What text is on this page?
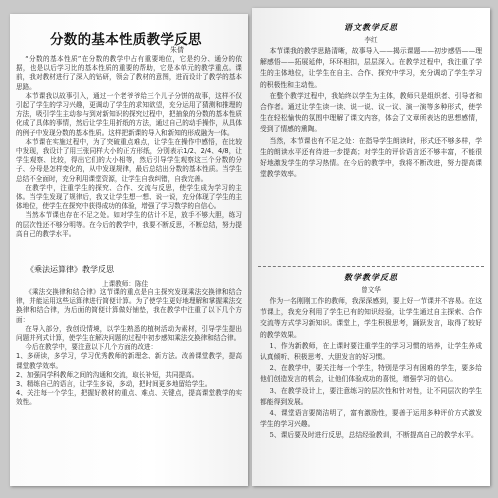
分数的基本性质教学反思
朱倩

“分数的基本性质”在分数的教学中占有重要地位，它是约分、通分的依据，也是以后学习比的基本性质的重要的帮助，它是本单元的教学重点。课前，我对教材进行了深入的钻研，领会了教材的意图，进而设计了教学的基本思路。

本节课我以故事引入，通过一个老爷爷给三个儿子分饼的故事，这样不仅引起了学生的学习兴趣，更调动了学生的求知欲望，充分运用了猜测和推理的方法，吸引学生主动参与到对新知识的探究过程中，把抽象的分数的基本性质化成了具体的事情，然后让学生用折纸的方法，通过自己的动手操作，从具体的例子中发现分数的基本性质。这样把新课的导入和新知的形成融为一体。

本节课在实施过程中，为了突破重点难点，让学生在操作中感悟，在比较中发现，我设计了用三张同样大小的正方形纸，分别表示1/2、2/4、4/8，让学生观察、比较，得出它们的大小相等，然后引导学生观察这三个分数的分子、分母是怎样变化的，从中发现规律，最后总结出分数的基本性质。当学生总结不全面时，充分利用课堂资源，让学生自我纠错，自我完善。

在教学中，注重学生的探究、合作、交流与反思，使学生成为学习的主体。当学生发现了规律后，我又让学生想一想、说一说，充分体现了学生的主体地位，使学生在探究中获得成功的体验，增强了学习数学的自信心。

当然本节课也存在不足之处。如对学生的估计不足，放手不够大胆，练习的层次性还不够分明等。在今后的教学中，我要不断反思，不断总结，努力提高自己的教学水平。

《乘法运算律》教学反思
上课教师：陈佳

《乘法交换律和结合律》这节课的重点是自主探究发现乘法交换律和结合律，并能运用这些运算律进行简便计算。为了使学生更好地理解和掌握乘法交换律和结合律，为后面的简便计算做好铺垫，我在教学中注重了以下几个方面：

在导入部分，我创设情境，以学生熟悉的植树活动为素材，引导学生提出问题并列式计算，使学生在解决问题的过程中初步感知乘法交换律和结合律。

今后在教学中，要注意以下几个方面的改进：

1、多研读，多学习，学习优秀教师的新理念、新方法。改善课堂教学，提高课堂教学效率。

2、加强同学科教师之间的沟通和交流，取长补短，共同提高。

3、精练自己的语言，让学生多说，多动，把时间更多地留给学生。

4、关注每一个学生，把握好教材的重点、难点、关键点，提高课堂教学的实效性。

语文教学反思
李红

本节课我的教学思路清晰，故事导入——揭示课题——初步感悟——理解感悟——拓展延伸，环环相扣，层层深入。在教学过程中，我注重了学生的主体地位，让学生在自主、合作、探究中学习，充分调动了学生学习的积极性和主动性。

在整个教学过程中，我始终以学生为主体，教师只是组织者、引导者和合作者。通过让学生读一读、说一说、议一议、演一演等多种形式，使学生在轻松愉快的氛围中理解了课文内容，体会了文章所表达的思想感情，受到了情感的熏陶。

当然，本节课也有不足之处：在指导学生朗读时，形式还不够多样，学生的朗读水平还有待进一步提高；对学生的评价语言还不够丰富，不能很好地激发学生的学习热情。在今后的教学中，我将不断改进，努力提高课堂教学效率。

数学教学反思
曾文华

作为一名刚刚工作的教师，我深深感到，要上好一节课并不容易。在这节课上，我充分利用了学生已有的知识经验，让学生通过自主探索、合作交流等方式学习新知识。课堂上，学生积极思考，踊跃发言，取得了较好的教学效果。

1、作为新教师，在上课时要注重学生的学习习惯的培养，让学生养成认真倾听、积极思考、大胆发言的好习惯。

2、在教学中，要关注每一个学生，特别是学习有困难的学生，要多给他们创造发言的机会，让他们体验成功的喜悦，增强学习的信心。

3、在教学设计上，要注意练习的层次性和针对性，让不同层次的学生都能得到发展。

4、课堂语言要简洁明了，富有激励性，要善于运用多种评价方式激发学生的学习兴趣。

5、课后要及时进行反思，总结经验教训，不断提高自己的教学水平。
